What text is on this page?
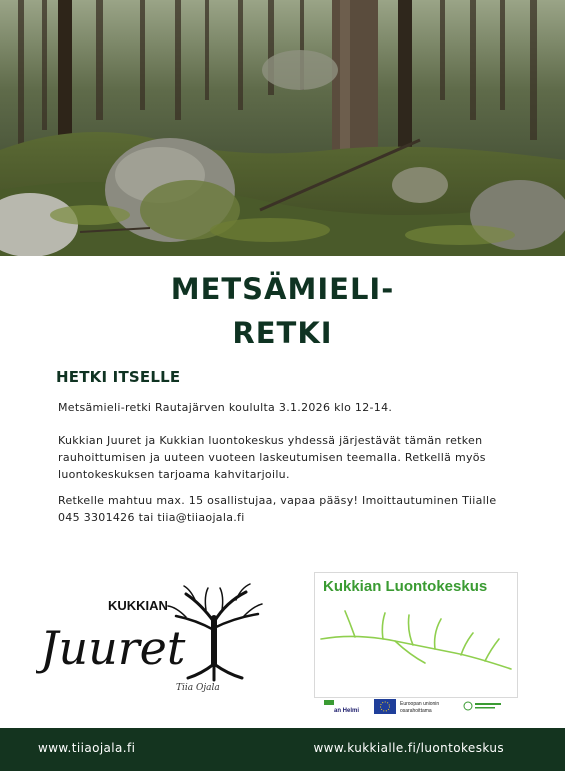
METSÄMIELI-
RETKI
HETKI ITSELLE

Metsämieli-retki Rautajärven koululta 3.1.2026 klo 12-14.

Kukkian Juuret ja Kukkian luontokeskus yhdessä järjestävät tämän retken rauhoittumisen ja uuteen vuoteen laskeutumisen teemalla. Retkellä myös luontokeskuksen tarjoama kahvitarjoilu.

Retkelle mahtuu max. 15 osallistujaa, vapaa pääsy! Imoittautuminen Tiialle 045 3301426 tai tiia@tiiaojala.fi

KUKKIAN
Juuret
Tiia Ojala
Kukkian Luontokeskus
an Helmi
Euroopan unionin
osarahoittama
www.tiiaojala.fi	www.kukkialle.fi/luontokeskus
